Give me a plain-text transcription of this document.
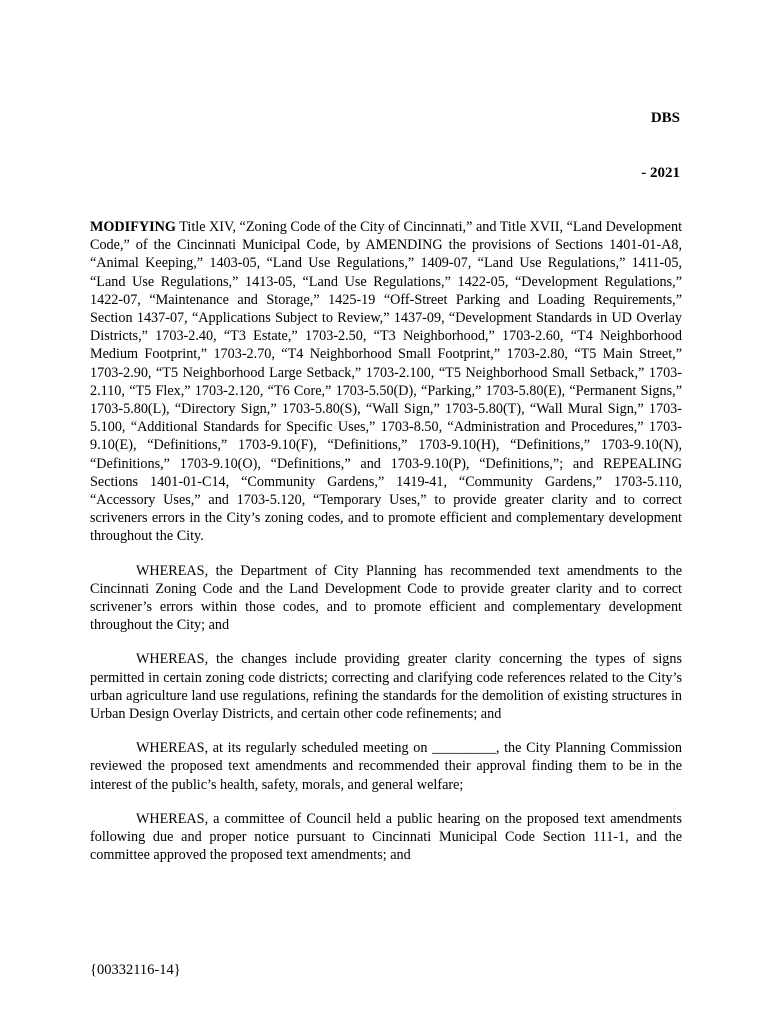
DBS
- 2021

MODIFYING Title XIV, “Zoning Code of the City of Cincinnati,” and Title XVII, “Land Development Code,” of the Cincinnati Municipal Code, by AMENDING the provisions of Sections 1401-01-A8, “Animal Keeping,” 1403-05, “Land Use Regulations,” 1409-07, “Land Use Regulations,” 1411-05, “Land Use Regulations,” 1413-05, “Land Use Regulations,” 1422-05, “Development Regulations,” 1422-07, “Maintenance and Storage,” 1425-19 “Off-Street Parking and Loading Requirements,” Section 1437-07, “Applications Subject to Review,” 1437-09, “Development Standards in UD Overlay Districts,” 1703-2.40, “T3 Estate,” 1703-2.50, “T3 Neighborhood,” 1703-2.60, “T4 Neighborhood Medium Footprint,” 1703-2.70, “T4 Neighborhood Small Footprint,” 1703-2.80, “T5 Main Street,” 1703-2.90, “T5 Neighborhood Large Setback,” 1703-2.100, “T5 Neighborhood Small Setback,” 1703-2.110, “T5 Flex,” 1703-2.120, “T6 Core,” 1703-5.50(D), “Parking,” 1703-5.80(E), “Permanent Signs,” 1703-5.80(L), “Directory Sign,” 1703-5.80(S), “Wall Sign,” 1703-5.80(T), “Wall Mural Sign,” 1703-5.100, “Additional Standards for Specific Uses,” 1703-8.50, “Administration and Procedures,” 1703-9.10(E), “Definitions,” 1703-9.10(F), “Definitions,” 1703-9.10(H), “Definitions,” 1703-9.10(N), “Definitions,” 1703-9.10(O), “Definitions,” and 1703-9.10(P), “Definitions,”; and REPEALING Sections 1401-01-C14, “Community Gardens,” 1419-41, “Community Gardens,” 1703-5.110, “Accessory Uses,” and 1703-5.120, “Temporary Uses,” to provide greater clarity and to correct scriveners errors in the City’s zoning codes, and to promote efficient and complementary development throughout the City.

WHEREAS, the Department of City Planning has recommended text amendments to the Cincinnati Zoning Code and the Land Development Code to provide greater clarity and to correct scrivener’s errors within those codes, and to promote efficient and complementary development throughout the City; and

WHEREAS, the changes include providing greater clarity concerning the types of signs permitted in certain zoning code districts; correcting and clarifying code references related to the City’s urban agriculture land use regulations, refining the standards for the demolition of existing structures in Urban Design Overlay Districts, and certain other code refinements; and

WHEREAS, at its regularly scheduled meeting on _________, the City Planning Commission reviewed the proposed text amendments and recommended their approval finding them to be in the interest of the public’s health, safety, morals, and general welfare;

WHEREAS, a committee of Council held a public hearing on the proposed text amendments following due and proper notice pursuant to Cincinnati Municipal Code Section 111-1, and the committee approved the proposed text amendments; and

{00332116-14}
